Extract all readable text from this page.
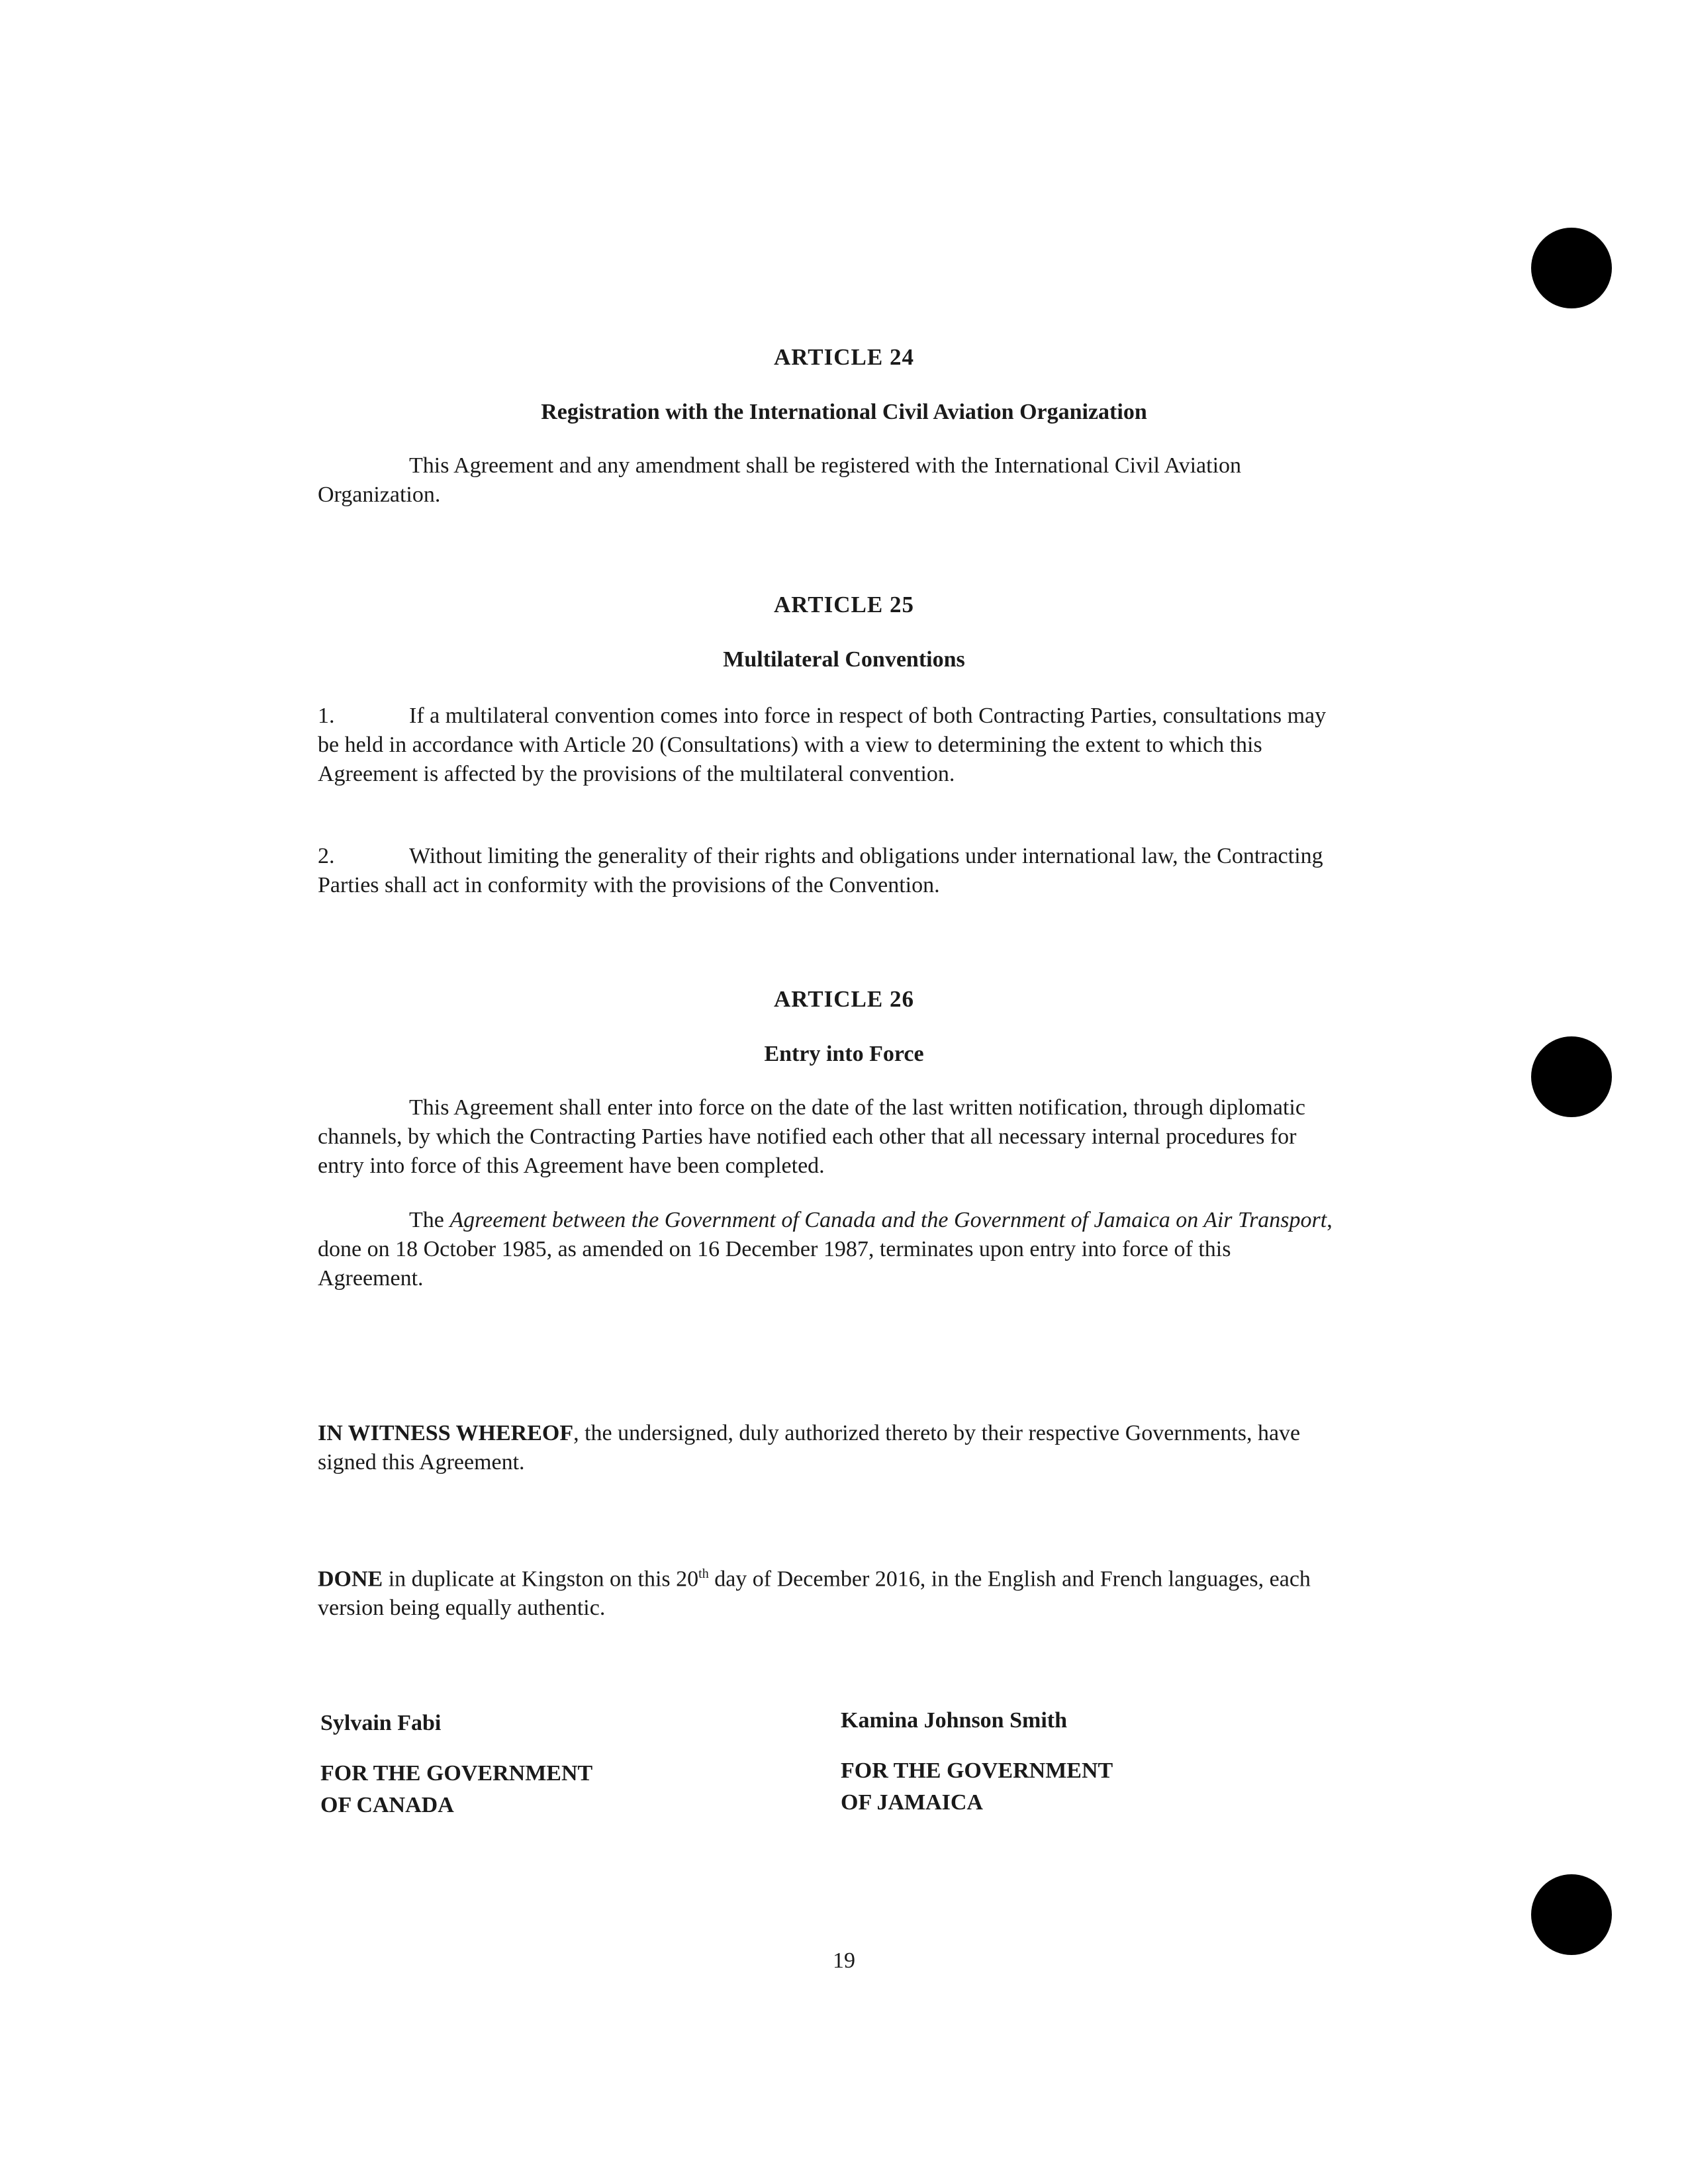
ARTICLE 24

Registration with the International Civil Aviation Organization

This Agreement and any amendment shall be registered with the International Civil Aviation Organization.

ARTICLE 25

Multilateral Conventions

1.	If a multilateral convention comes into force in respect of both Contracting Parties, consultations may be held in accordance with Article 20 (Consultations) with a view to determining the extent to which this Agreement is affected by the provisions of the multilateral convention.

2.	Without limiting the generality of their rights and obligations under international law, the Contracting Parties shall act in conformity with the provisions of the Convention.

ARTICLE 26

Entry into Force

This Agreement shall enter into force on the date of the last written notification, through diplomatic channels, by which the Contracting Parties have notified each other that all necessary internal procedures for entry into force of this Agreement have been completed.

The Agreement between the Government of Canada and the Government of Jamaica on Air Transport, done on 18 October 1985, as amended on 16 December 1987, terminates upon entry into force of this Agreement.

IN WITNESS WHEREOF, the undersigned, duly authorized thereto by their respective Governments, have signed this Agreement.

DONE in duplicate at Kingston on this 20th day of December 2016, in the English and French languages, each version being equally authentic.

Sylvain Fabi

FOR THE GOVERNMENT

OF CANADA

Kamina Johnson Smith

FOR THE GOVERNMENT

OF JAMAICA

19
